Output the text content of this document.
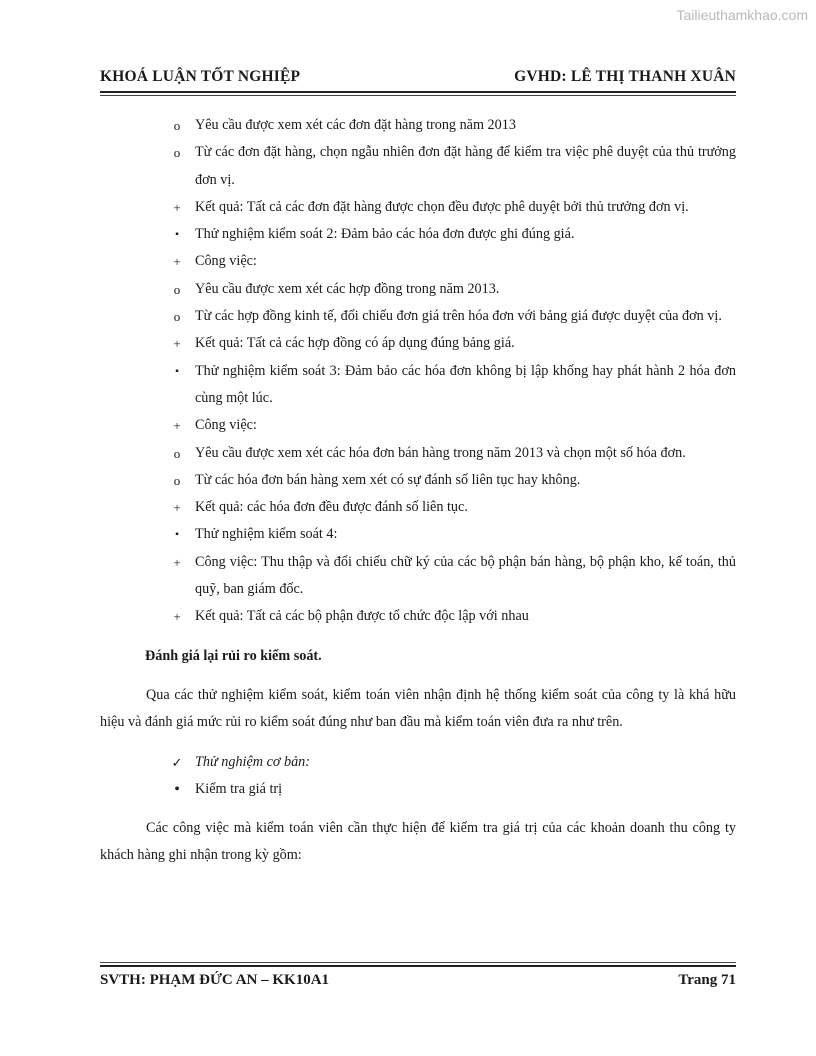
Tailieuthamkhao.com
KHOÁ LUẬN TỐT NGHIỆP	GVHD: LÊ THỊ THANH XUÂN
o	Yêu cầu được xem xét các đơn đặt hàng trong năm 2013
o	Từ các đơn đặt hàng, chọn ngẫu nhiên đơn đặt hàng để kiểm tra việc phê duyệt của thủ trưởng đơn vị.
+	Kết quả: Tất cả các đơn đặt hàng được chọn đều được phê duyệt bởi thủ trưởng đơn vị.
▪	Thử nghiệm kiểm soát 2: Đảm bảo các hóa đơn được ghi đúng giá.
+	Công việc:
o	Yêu cầu được xem xét các hợp đồng trong năm 2013.
o	Từ các hợp đồng kinh tế, đối chiếu đơn giá trên hóa đơn với bảng giá được duyệt của đơn vị.
+	Kết quả: Tất cả các hợp đồng có áp dụng đúng bảng giá.
▪	Thử nghiệm kiểm soát 3: Đảm bảo các hóa đơn không bị lập khống hay phát hành 2 hóa đơn cùng một lúc.
+	Công việc:
o	Yêu cầu được xem xét các hóa đơn bán hàng trong năm 2013 và chọn một số hóa đơn.
o	Từ các hóa đơn bán hàng xem xét có sự đánh số liên tục hay không.
+	Kết quả: các hóa đơn đều được đánh số liên tục.
▪	Thử nghiệm kiểm soát 4:
+	Công việc: Thu thập và đối chiếu chữ ký của các bộ phận bán hàng, bộ phận kho, kế toán, thủ quỹ, ban giám đốc.
+	Kết quả: Tất cả các bộ phận được tổ chức độc lập với nhau
Đánh giá lại rủi ro kiểm soát.
Qua các thử nghiệm kiểm soát, kiểm toán viên nhận định hệ thống kiểm soát của công ty là khá hữu hiệu và đánh giá mức rủi ro kiểm soát đúng như ban đầu mà kiểm toán viên đưa ra như trên.
✓ Thử nghiệm cơ bản:
•	Kiểm tra giá trị
Các công việc mà kiểm toán viên cần thực hiện để kiểm tra giá trị của các khoản doanh thu công ty khách hàng ghi nhận trong kỳ gồm:
SVTH: PHẠM ĐỨC AN – KK10A1	Trang 71
